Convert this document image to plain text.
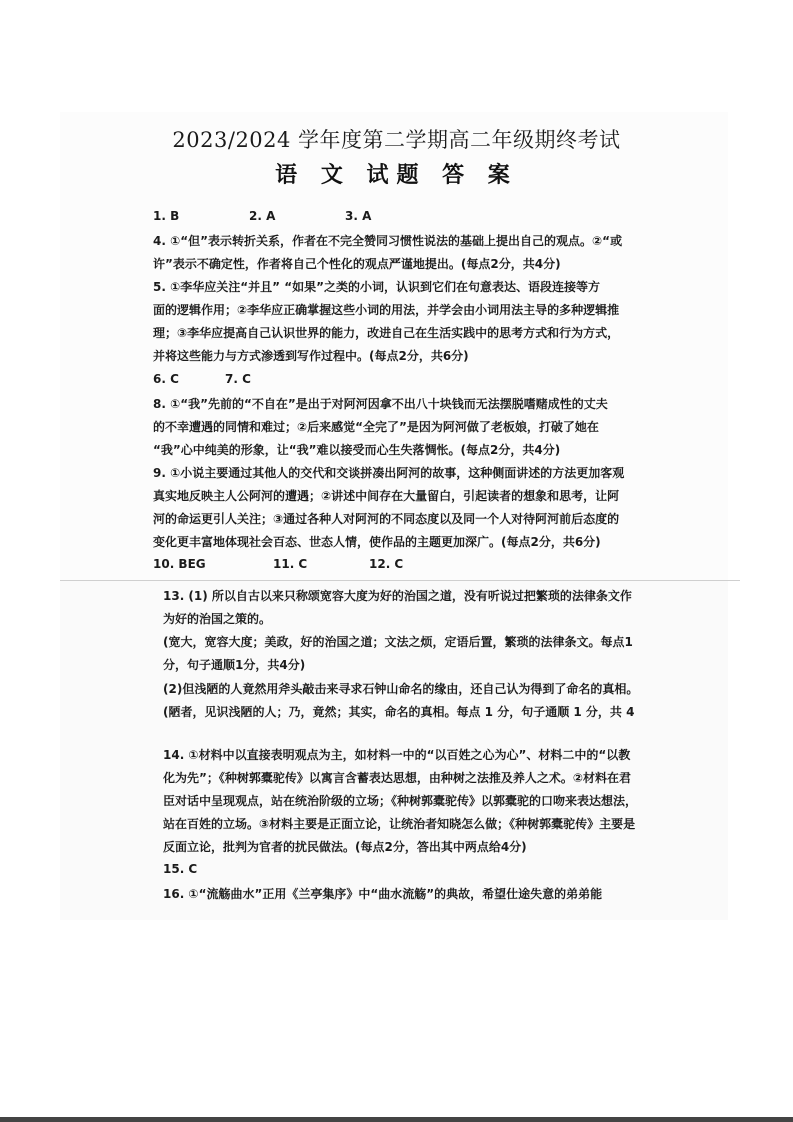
2023/2024 学年度第二学期高二年级期终考试
语 文 试题 答 案
1. B	2. A	3. A
4. ①“但”表示转折关系，作者在不完全赞同习惯性说法的基础上提出自己的观点。②“或
许”表示不确定性，作者将自己个性化的观点严谨地提出。(每点2分，共4分)
5. ①李华应关注“并且” “如果”之类的小词，认识到它们在句意表达、语段连接等方
面的逻辑作用；②李华应正确掌握这些小词的用法，并学会由小词用法主导的多种逻辑推
理；③李华应提高自己认识世界的能力，改进自己在生活实践中的思考方式和行为方式，
并将这些能力与方式渗透到写作过程中。(每点2分，共6分)
6. C	7. C
8. ①“我”先前的“不自在”是出于对阿河因拿不出八十块钱而无法摆脱嗜赌成性的丈夫
的不幸遭遇的同情和难过；②后来感觉“全完了”是因为阿河做了老板娘，打破了她在
“我”心中纯美的形象，让“我”难以接受而心生失落惆怅。(每点2分，共4分)
9. ①小说主要通过其他人的交代和交谈拼凑出阿河的故事，这种侧面讲述的方法更加客观
真实地反映主人公阿河的遭遇；②讲述中间存在大量留白，引起读者的想象和思考，让阿
河的命运更引人关注；③通过各种人对阿河的不同态度以及同一个人对待阿河前后态度的
变化更丰富地体现社会百态、世态人情，使作品的主题更加深广。(每点2分，共6分)
10. BEG	11. C	12. C
13. (1) 所以自古以来只称颂宽容大度为好的治国之道，没有听说过把繁琐的法律条文作
为好的治国之策的。
(宽大，宽容大度；美政，好的治国之道；文法之烦，定语后置，繁琐的法律条文。每点1
分，句子通顺1分，共4分)
(2)但浅陋的人竟然用斧头敲击来寻求石钟山命名的缘由，还自己认为得到了命名的真相。
(陋者，见识浅陋的人；乃，竟然；其实，命名的真相。每点 1 分，句子通顺 1 分，共 4
14. ①材料中以直接表明观点为主，如材料一中的“以百姓之心为心”、材料二中的“以教
化为先”；《种树郭橐驼传》以寓言含蓄表达思想，由种树之法推及养人之术。②材料在君
臣对话中呈现观点，站在统治阶级的立场；《种树郭橐驼传》以郭橐驼的口吻来表达想法，
站在百姓的立场。③材料主要是正面立论，让统治者知晓怎么做；《种树郭橐驼传》主要是
反面立论，批判为官者的扰民做法。(每点2分，答出其中两点给4分)
15. C
16. ①“流觞曲水”正用《兰亭集序》中“曲水流觞”的典故，希望仕途失意的弟弟能
